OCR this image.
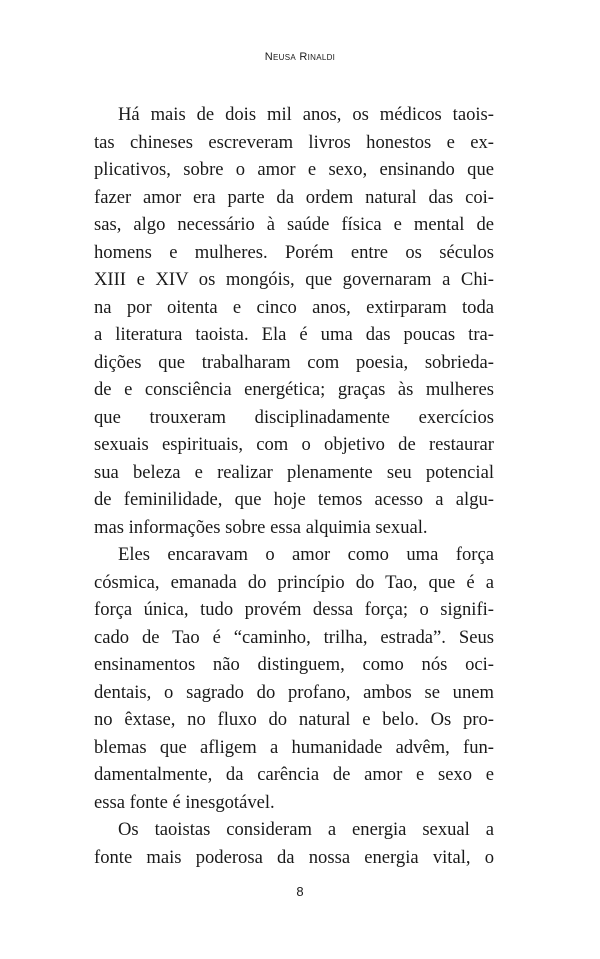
Neusa Rinaldi
Há mais de dois mil anos, os médicos taois-
tas chineses escreveram livros honestos e ex-
plicativos, sobre o amor e sexo, ensinando que
fazer amor era parte da ordem natural das coi-
sas, algo necessário à saúde física e mental de
homens e mulheres. Porém entre os séculos
XIII e XIV os mongóis, que governaram a Chi-
na por oitenta e cinco anos, extirparam toda
a literatura taoista. Ela é uma das poucas tra-
dições que trabalharam com poesia, sobrieda-
de e consciência energética; graças às mulheres
que trouxeram disciplinadamente exercícios
sexuais espirituais, com o objetivo de restaurar
sua beleza e realizar plenamente seu potencial
de feminilidade, que hoje temos acesso a algu-
mas informações sobre essa alquimia sexual.
Eles encaravam o amor como uma força
cósmica, emanada do princípio do Tao, que é a
força única, tudo provém dessa força; o signifi-
cado de Tao é “caminho, trilha, estrada”. Seus
ensinamentos não distinguem, como nós oci-
dentais, o sagrado do profano, ambos se unem
no êxtase, no fluxo do natural e belo. Os pro-
blemas que afligem a humanidade advêm, fun-
damentalmente, da carência de amor e sexo e
essa fonte é inesgotável.
Os taoistas consideram a energia sexual a
fonte mais poderosa da nossa energia vital, o
8
